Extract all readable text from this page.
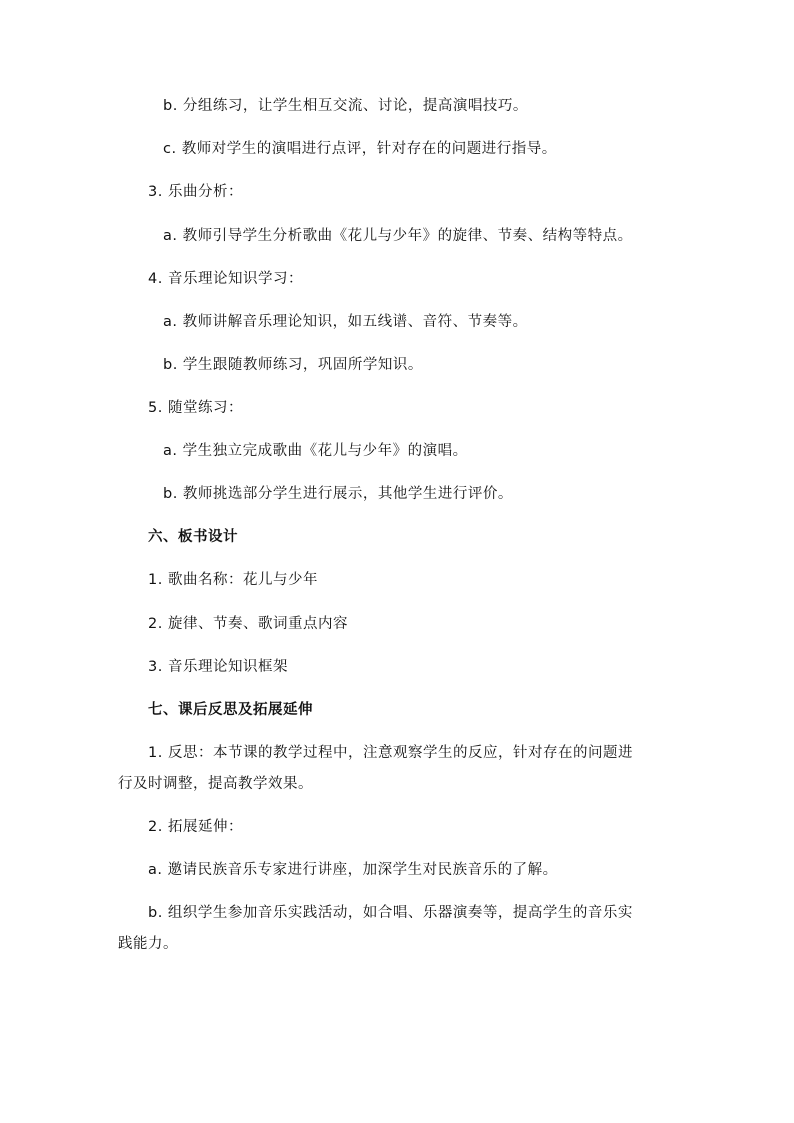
b. 分组练习，让学生相互交流、讨论，提高演唱技巧。
c. 教师对学生的演唱进行点评，针对存在的问题进行指导。
3. 乐曲分析：
a. 教师引导学生分析歌曲《花儿与少年》的旋律、节奏、结构等特点。
4. 音乐理论知识学习：
a. 教师讲解音乐理论知识，如五线谱、音符、节奏等。
b. 学生跟随教师练习，巩固所学知识。
5. 随堂练习：
a. 学生独立完成歌曲《花儿与少年》的演唱。
b. 教师挑选部分学生进行展示，其他学生进行评价。
六、板书设计
1. 歌曲名称：花儿与少年
2. 旋律、节奏、歌词重点内容
3. 音乐理论知识框架
七、课后反思及拓展延伸
1. 反思：本节课的教学过程中，注意观察学生的反应，针对存在的问题进
行及时调整，提高教学效果。
2. 拓展延伸：
a. 邀请民族音乐专家进行讲座，加深学生对民族音乐的了解。
b. 组织学生参加音乐实践活动，如合唱、乐器演奏等，提高学生的音乐实
践能力。
